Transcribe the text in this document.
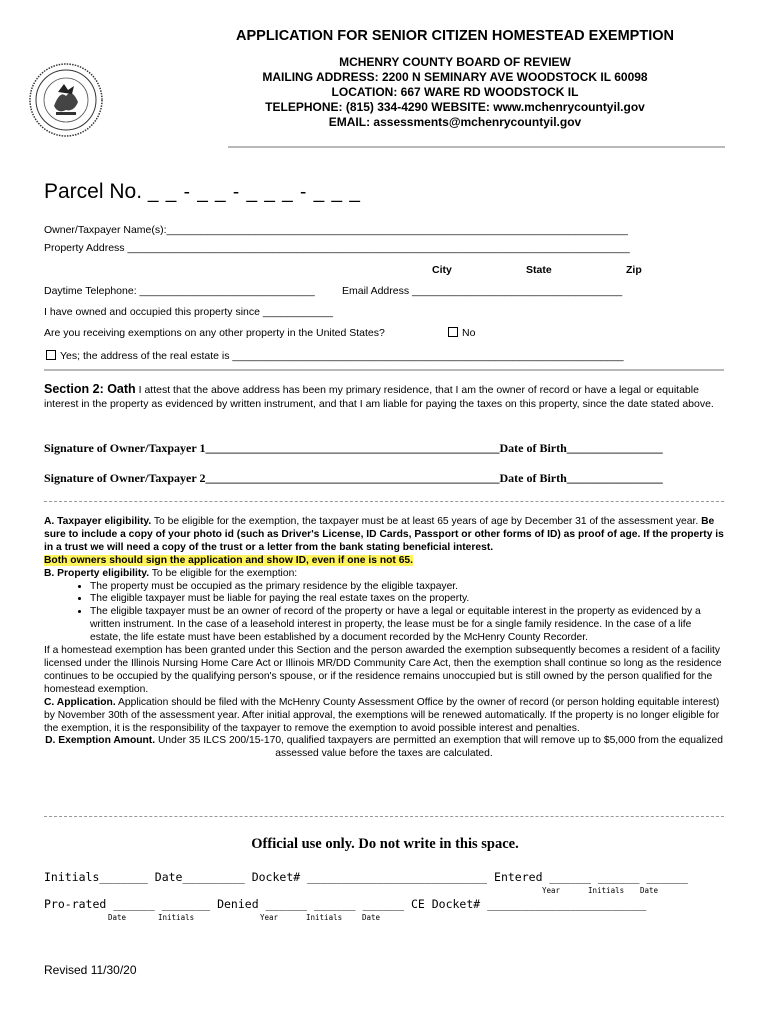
APPLICATION FOR SENIOR CITIZEN HOMESTEAD EXEMPTION
MCHENRY COUNTY BOARD OF REVIEW
MAILING ADDRESS: 2200 N SEMINARY AVE WOODSTOCK IL 60098
LOCATION: 667 WARE RD WOODSTOCK IL
TELEPHONE: (815) 334-4290 WEBSITE: www.mchenrycountyil.gov
EMAIL: assessments@mchenrycountyil.gov
Parcel No. _ _ - _ _ - _ _ _ - _ _ _
Owner/Taxpayer Name(s):_______________________________________________________________________________
Property Address ______________________________________________________________________________________
City	State	Zip
Daytime Telephone: ______________________________	Email Address ____________________________________
I have owned and occupied this property since ____________
Are you receiving exemptions on any other property in the United States?	No
Yes; the address of the real estate is ___________________________________________________________________
Section 2: Oath I attest that the above address has been my primary residence, that I am the owner of record or have a legal or equitable interest in the property as evidenced by written instrument, and that I am liable for paying the taxes on this property, since the date stated above.
Signature of Owner/Taxpayer 1_________________________________________________Date of Birth________________
Signature of Owner/Taxpayer 2_________________________________________________Date of Birth________________

A. Taxpayer eligibility. To be eligible for the exemption, the taxpayer must be at least 65 years of age by December 31 of the assessment year. Be sure to include a copy of your photo id (such as Driver's License, ID Cards, Passport or other forms of ID) as proof of age. If the property is in a trust we will need a copy of the trust or a letter from the bank stating beneficial interest.

Both owners should sign the application and show ID, even if one is not 65.

B. Property eligibility. To be eligible for the exemption:

• The property must be occupied as the primary residence by the eligible taxpayer.
• The eligible taxpayer must be liable for paying the real estate taxes on the property.
• The eligible taxpayer must be an owner of record of the property or have a legal or equitable interest in the property as evidenced by a written instrument. In the case of a leasehold interest in property, the lease must be for a single family residence. In the case of a life estate, the life estate must have been established by a document recorded by the McHenry County Recorder.

If a homestead exemption has been granted under this Section and the person awarded the exemption subsequently becomes a resident of a facility licensed under the Illinois Nursing Home Care Act or Illinois MR/DD Community Care Act, then the exemption shall continue so long as the residence continues to be occupied by the qualifying person's spouse, or if the residence remains unoccupied but is still owned by the person qualified for the homestead exemption.

C. Application. Application should be filed with the McHenry County Assessment Office by the owner of record (or person holding equitable interest) by November 30th of the assessment year. After initial approval, the exemptions will be renewed automatically. If the property is no longer eligible for the exemption, it is the responsibility of the taxpayer to remove the exemption to avoid possible interest and penalties.

D. Exemption Amount. Under 35 ILCS 200/15-170, qualified taxpayers are permitted an exemption that will remove up to $5,000 from the equalized assessed value before the taxes are calculated.

Official use only. Do not write in this space.
Initials_______ Date_________ Docket# __________________________ Entered ______ ______ ______
Year	Initials Date
Pro-rated ______ _______ Denied ______ ______ ______ CE Docket# _______________________
Date	Initials	Year	Initials	Date
Revised 11/30/20
